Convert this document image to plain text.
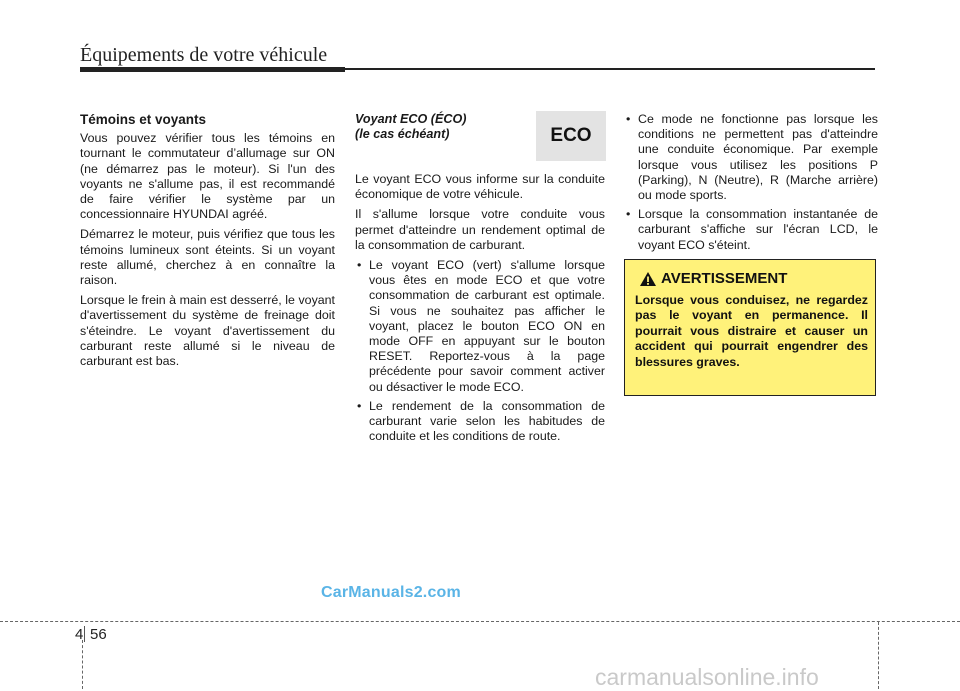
Équipements de votre véhicule
Témoins et voyants

Vous pouvez vérifier tous les témoins en tournant le commutateur d’allumage sur ON (ne démarrez pas le moteur). Si l'un des voyants ne s'allume pas, il est recommandé de faire vérifier le système par un concessionnaire HYUNDAI agréé.

Démarrez le moteur, puis vérifiez que tous les témoins lumineux sont éteints. Si un voyant reste allumé, cherchez à en connaître la raison.

Lorsque le frein à main est desserré, le voyant d'avertissement du système de freinage doit s'éteindre. Le voyant d'avertissement du carburant reste allumé si le niveau de carburant est bas.

Voyant ECO (ÉCO)
(le cas échéant)

Le voyant ECO vous informe sur la conduite économique de votre véhicule.

Il s'allume lorsque votre conduite vous permet d'atteindre un rendement optimal de la consommation de carburant.

• Le voyant ECO (vert) s'allume lorsque vous êtes en mode ECO et que votre consommation de carburant est optimale. Si vous ne souhaitez pas afficher le voyant, placez le bouton ECO ON en mode OFF en appuyant sur le bouton RESET. Reportez-vous à la page précédente pour savoir comment activer ou désactiver le mode ECO.
• Le rendement de la consommation de carburant varie selon les habitudes de conduite et les conditions de route.
ECO
• Ce mode ne fonctionne pas lorsque les conditions ne permettent pas d'atteindre une conduite économique. Par exemple lorsque vous utilisez les positions P (Parking), N (Neutre), R (Marche arrière) ou mode sports.
• Lorsque la consommation instantanée de carburant s'affiche sur l'écran LCD, le voyant ECO s'éteint.
AVERTISSEMENT
Lorsque vous conduisez, ne regardez pas le voyant en permanence. Il pourrait vous distraire et causer un accident qui pourrait engendrer des blessures graves.
CarManuals2.com
4 56
carmanualsonline.info
